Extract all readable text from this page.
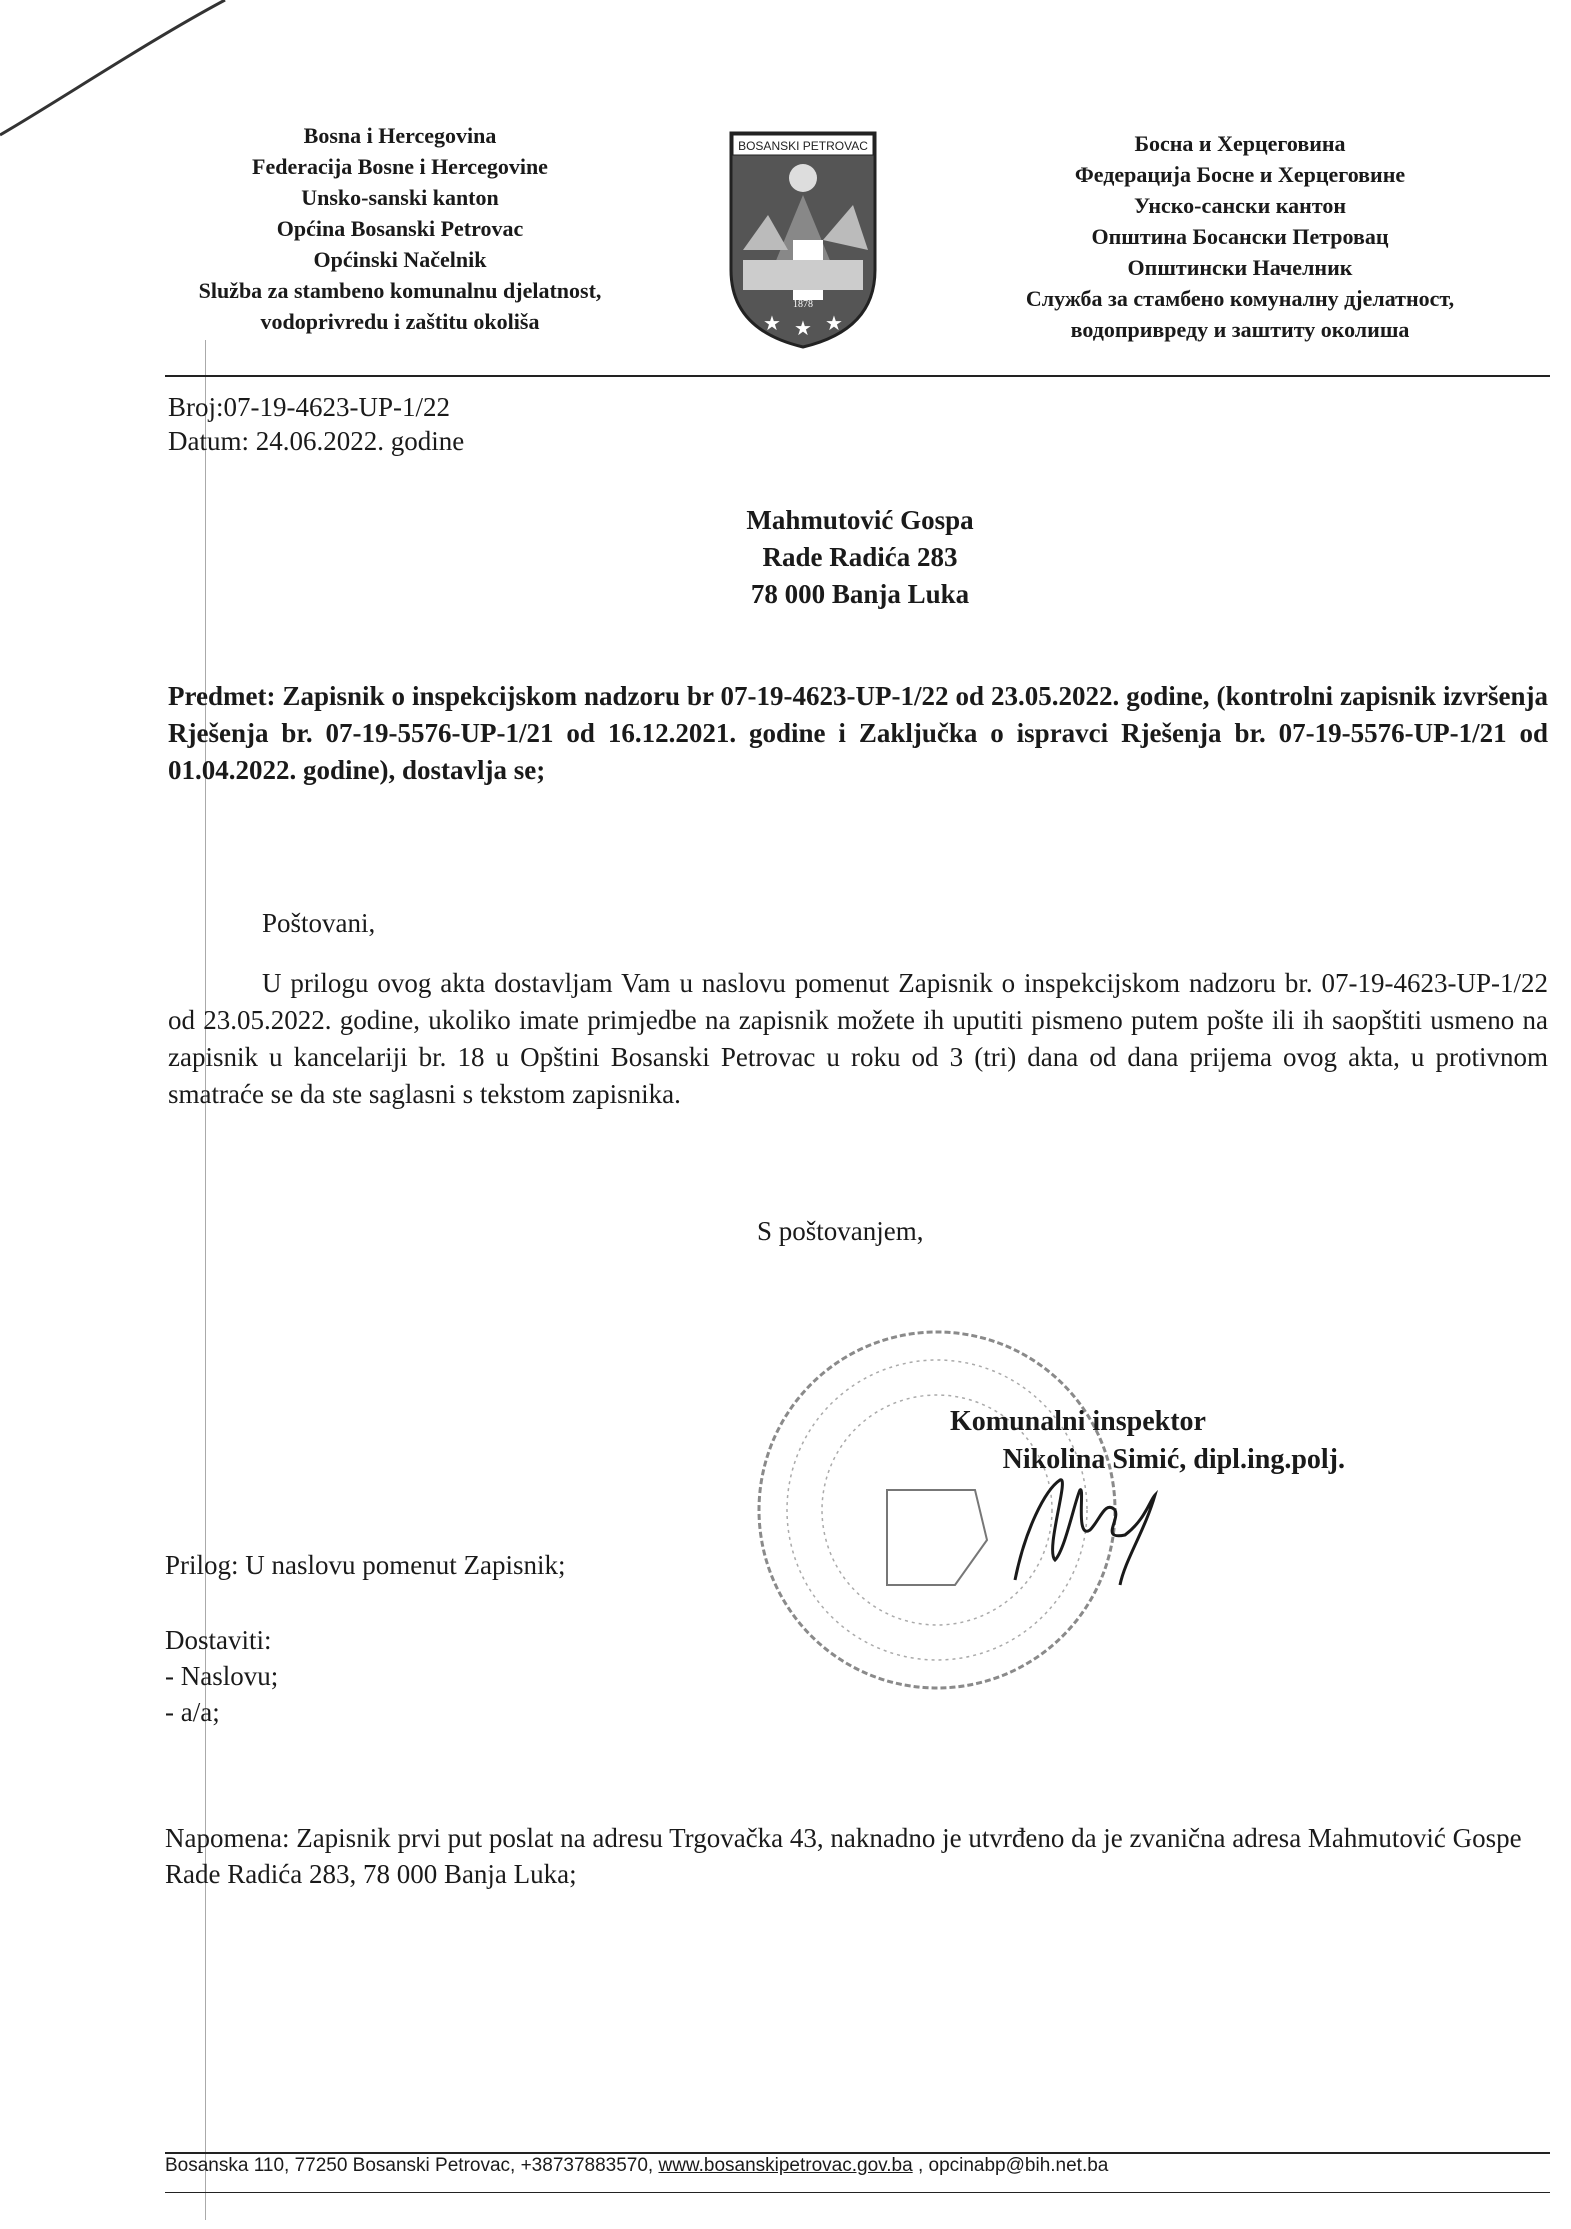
Bosna i Hercegovina
Federacija Bosne i Hercegovine
Unsko-sanski kanton
Općina Bosanski Petrovac
Općinski Načelnik
Služba za stambeno komunalnu djelatnost,
vodoprivredu i zaštitu okoliša
BOSANSKI PETROVAC
1878
★ ★ ★
Босна и Херцеговина
Федерација Босне и Херцеговине
Унско-сански кантон
Општина Босански Петровац
Општински Начелник
Служба за стамбено комуналну дјелатност,
водопривреду и заштиту околиша
Broj:07-19-4623-UP-1/22
Datum: 24.06.2022. godine
Mahmutović Gospa
Rade Radića 283
78 000 Banja Luka
Predmet: Zapisnik o inspekcijskom nadzoru br 07-19-4623-UP-1/22 od 23.05.2022. godine, (kontrolni zapisnik izvršenja Rješenja br. 07-19-5576-UP-1/21 od 16.12.2021. godine i Zaključka o ispravci Rješenja br. 07-19-5576-UP-1/21 od 01.04.2022. godine), dostavlja se;
Poštovani,
U prilogu ovog akta dostavljam Vam u naslovu pomenut Zapisnik o inspekcijskom nadzoru br. 07-19-4623-UP-1/22 od 23.05.2022. godine, ukoliko imate primjedbe na zapisnik možete ih uputiti pismeno putem pošte ili ih saopštiti usmeno na zapisnik u kancelariji br. 18 u Opštini Bosanski Petrovac u roku od 3 (tri) dana od dana prijema ovog akta, u protivnom smatraće se da ste saglasni s tekstom zapisnika.
S poštovanjem,
Komunalni inspektor
Nikolina Simić, dipl.ing.polj.
Prilog: U naslovu pomenut Zapisnik;
Dostaviti:
- Naslovu;
- a/a;
Napomena: Zapisnik prvi put poslat na adresu Trgovačka 43, naknadno je utvrđeno da je zvanična adresa Mahmutović Gospe Rade Radića 283, 78 000 Banja Luka;
Bosanska 110, 77250 Bosanski Petrovac, +38737883570, www.bosanskipetrovac.gov.ba , opcinabp@bih.net.ba
